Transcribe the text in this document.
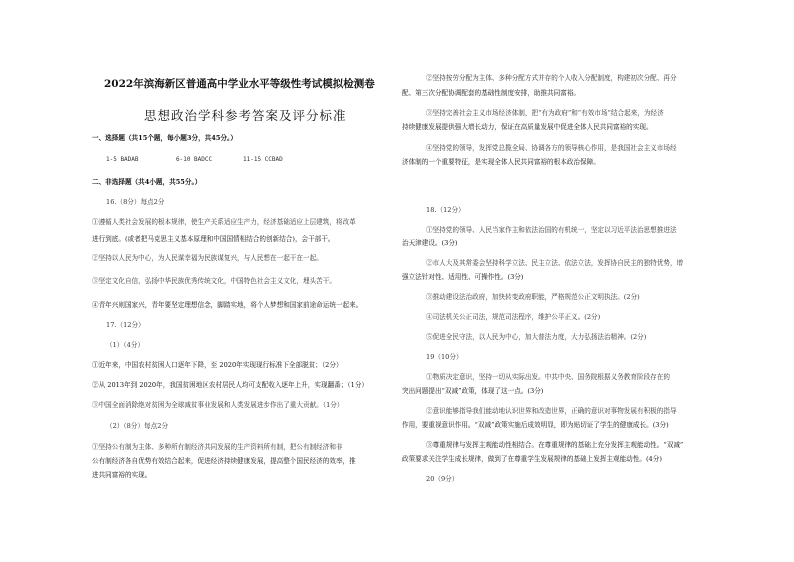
2022年滨海新区普通高中学业水平等级性考试模拟检测卷
思想政治学科参考答案及评分标准
一、选择题（共15个题，每小题3分，共45分。）
1-5 BADAB	6-10 BADCC	11-15 CCBAD
二、非选择题（共4小题，共55分。）
16.（8分）每点2分
①遵循人类社会发展的根本规律，使生产关系适应生产力，经济基础适应上层建筑，将改革
进行到底。(或者把马克思主义基本原理和中国国情相结合的创新结合)，会干部干。
②坚持以人民为中心，为人民谋幸福为民族谋复兴，与人民想在一起干在一起。
③坚定文化自信，弘扬中华民族优秀传统文化，中国特色社会主义文化，埋头苦干。
④青年兴则国家兴，青年要坚定理想信念，脚踏实地，将个人梦想和国家前途命运统一起来。
17.（12分）
（1）（4分）
①近年来，中国农村贫困人口逐年下降，至 2020年实现现行标准下全部脱贫；（2分）
②从 2013年到 2020年，我国贫困地区农村居民人均可支配收入逐年上升，实现翻番；（1分）
③中国全面消除绝对贫困为全球减贫事业发展和人类发展进步作出了重大贡献。（1分）
（2）（8分）每点2分
①坚持公有制为主体、多种所有制经济共同发展的生产资料所有制，把公有制经济和非
公有制经济各自优势有效结合起来，促进经济持续健康发展，提高整个国民经济的效率，推
进共同富裕的实现。
②坚持按劳分配为主体、多种分配方式并存的个人收入分配制度，构建初次分配、再分
配、第三次分配协调配套的基础性制度安排，助推共同富裕。
③坚持完善社会主义市场经济体制，把“有为政府”和“有效市场”结合起来，为经济
持续健康发展提供强大增长动力，保证在高质量发展中促进全体人民共同富裕的实现。
④坚持党的领导，发挥党总揽全局、协调各方的领导核心作用，是我国社会主义市场经
济体制的一个重要特征，是实现全体人民共同富裕的根本政治保障。
18.（12分）
①坚持党的领导、人民当家作主和依法治国的有机统一，坚定以习近平法治思想推进法
治天津建设。(3分)
②市人大及其常委会坚持科学立法、民主立法、依法立法，发挥协自民主的独特优势，增
强立法针对性、适用性、可操作性。(3分)
③推动建设法治政府，加快转变政府职能，严格规范公正文明执法。(2分)
④司法机关公正司法，规范司法程序，维护公平正义。(2分)
⑤促进全民守法，以人民为中心，加大普法力度，大力弘扬法治精神。(2分)
19（10分）
①物质决定意识，坚持一切从实际出发。中共中央、国务院根据义务教育阶段存在的
突出问题提出“双减”政策，体现了这一点。(3分)
②意识能够指导我们能动地认识世界和改造世界，正确的意识对事物发展有积极的指导
作用，要重视意识作用。“双减”政策实施后成效明显，即为贴切证了学生的健康成长。(3分)
③尊重规律与发挥主观能动性相结合。在尊重规律的基础上充分发挥主观能动性。“双减”
政策要求关注学生成长规律，做到了在尊重学生发展规律的基础上发挥主观能动性。(4分)
20（9分）
